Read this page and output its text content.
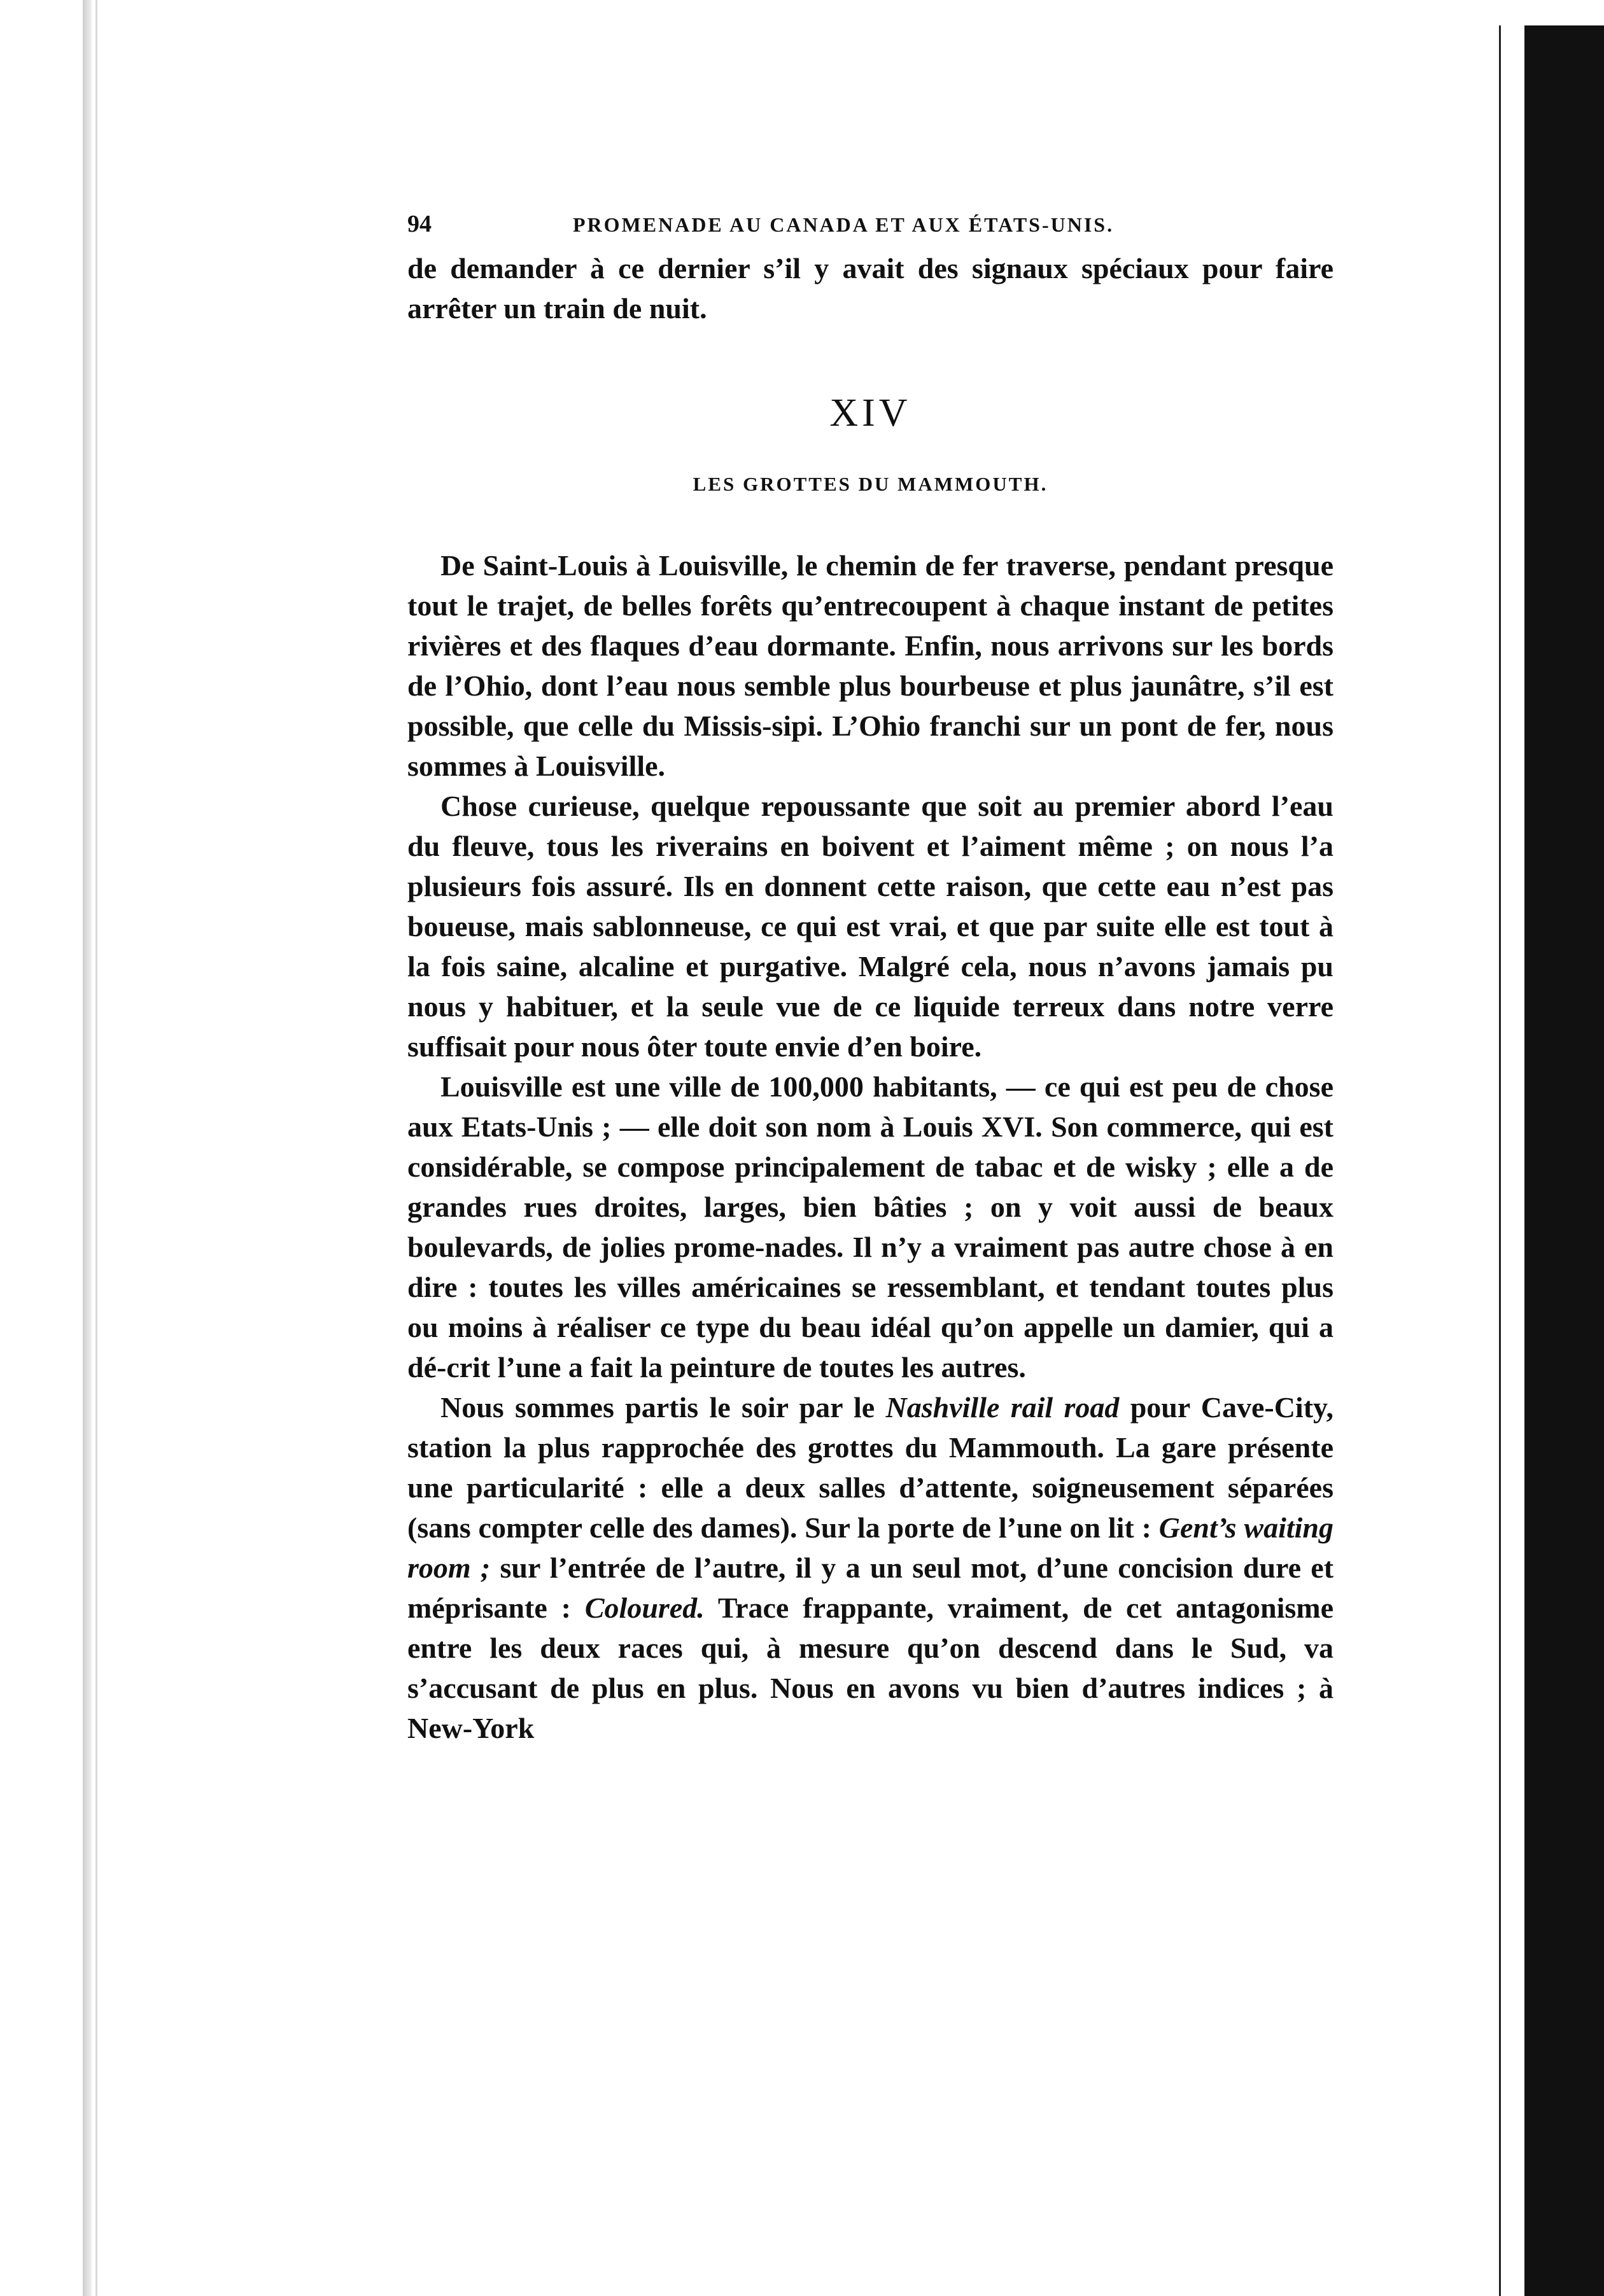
94	PROMENADE AU CANADA ET AUX ÉTATS-UNIS.

de demander à ce dernier s’il y avait des signaux spéciaux pour faire arrêter un train de nuit.

XIV
LES GROTTES DU MAMMOUTH.

De Saint-Louis à Louisville, le chemin de fer traverse, pendant presque tout le trajet, de belles forêts qu’entrecoupent à chaque instant de petites rivières et des flaques d’eau dormante. Enfin, nous arrivons sur les bords de l’Ohio, dont l’eau nous semble plus bourbeuse et plus jaunâtre, s’il est possible, que celle du Missis-sipi. L’Ohio franchi sur un pont de fer, nous sommes à Louisville.

Chose curieuse, quelque repoussante que soit au premier abord l’eau du fleuve, tous les riverains en boivent et l’aiment même ; on nous l’a plusieurs fois assuré. Ils en donnent cette raison, que cette eau n’est pas boueuse, mais sablonneuse, ce qui est vrai, et que par suite elle est tout à la fois saine, alcaline et purgative. Malgré cela, nous n’avons jamais pu nous y habituer, et la seule vue de ce liquide terreux dans notre verre suffisait pour nous ôter toute envie d’en boire.

Louisville est une ville de 100,000 habitants, — ce qui est peu de chose aux Etats-Unis ; — elle doit son nom à Louis XVI. Son commerce, qui est considérable, se compose principalement de tabac et de wisky ; elle a de grandes rues droites, larges, bien bâties ; on y voit aussi de beaux boulevards, de jolies prome-nades. Il n’y a vraiment pas autre chose à en dire : toutes les villes américaines se ressemblant, et tendant toutes plus ou moins à réaliser ce type du beau idéal qu’on appelle un damier, qui a dé-crit l’une a fait la peinture de toutes les autres.

Nous sommes partis le soir par le Nashville rail road pour Cave-City, station la plus rapprochée des grottes du Mammouth. La gare présente une particularité : elle a deux salles d’attente, soigneusement séparées (sans compter celle des dames). Sur la porte de l’une on lit : Gent’s waiting room ; sur l’entrée de l’autre, il y a un seul mot, d’une concision dure et méprisante : Coloured. Trace frappante, vraiment, de cet antagonisme entre les deux races qui, à mesure qu’on descend dans le Sud, va s’accusant de plus en plus. Nous en avons vu bien d’autres indices ; à New-York
